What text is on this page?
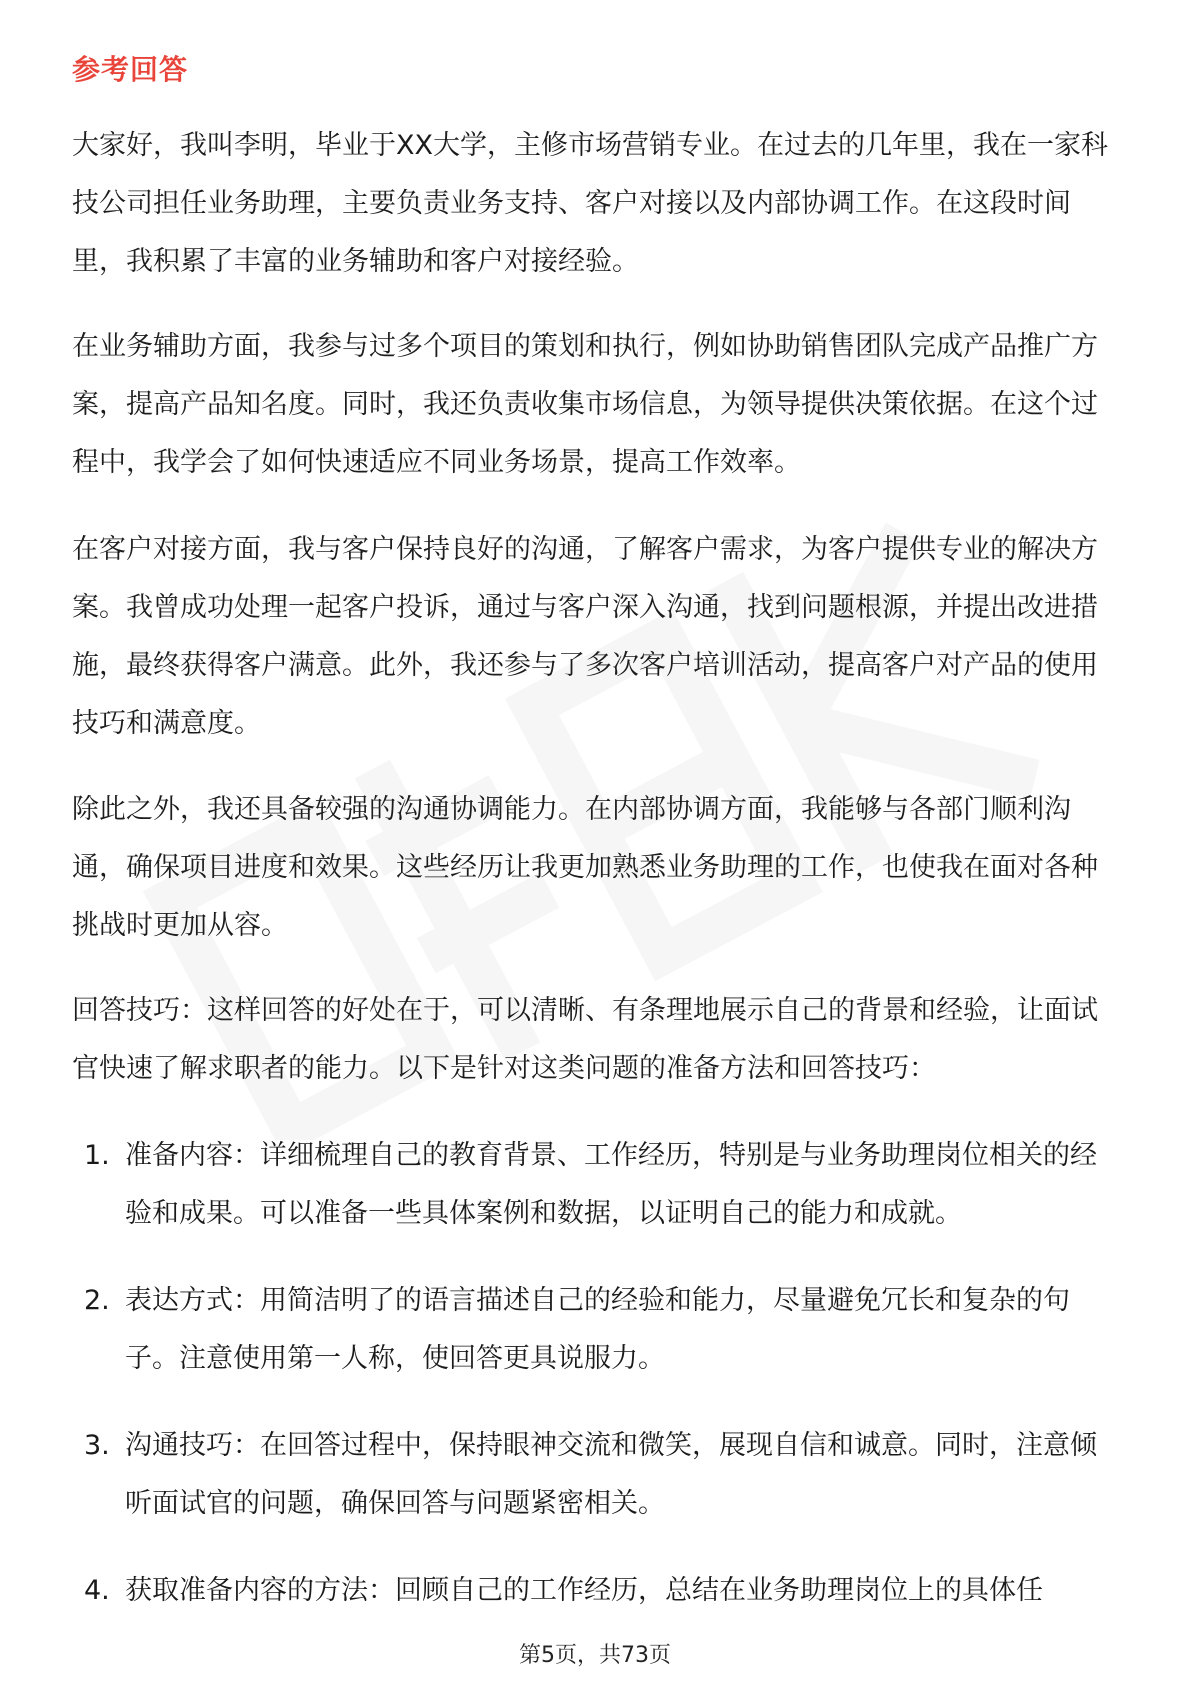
参考回答
大家好，我叫李明，毕业于XX大学，主修市场营销专业。在过去的几年里，我在一家科技公司担任业务助理，主要负责业务支持、客户对接以及内部协调工作。在这段时间里，我积累了丰富的业务辅助和客户对接经验。
在业务辅助方面，我参与过多个项目的策划和执行，例如协助销售团队完成产品推广方案，提高产品知名度。同时，我还负责收集市场信息，为领导提供决策依据。在这个过程中，我学会了如何快速适应不同业务场景，提高工作效率。
在客户对接方面，我与客户保持良好的沟通，了解客户需求，为客户提供专业的解决方案。我曾成功处理一起客户投诉，通过与客户深入沟通，找到问题根源，并提出改进措施，最终获得客户满意。此外，我还参与了多次客户培训活动，提高客户对产品的使用技巧和满意度。
除此之外，我还具备较强的沟通协调能力。在内部协调方面，我能够与各部门顺利沟通，确保项目进度和效果。这些经历让我更加熟悉业务助理的工作，也使我在面对各种挑战时更加从容。
回答技巧：这样回答的好处在于，可以清晰、有条理地展示自己的背景和经验，让面试官快速了解求职者的能力。以下是针对这类问题的准备方法和回答技巧：
1. 准备内容：详细梳理自己的教育背景、工作经历，特别是与业务助理岗位相关的经验和成果。可以准备一些具体案例和数据，以证明自己的能力和成就。
2. 表达方式：用简洁明了的语言描述自己的经验和能力，尽量避免冗长和复杂的句子。注意使用第一人称，使回答更具说服力。
3. 沟通技巧：在回答过程中，保持眼神交流和微笑，展现自信和诚意。同时，注意倾听面试官的问题，确保回答与问题紧密相关。
4. 获取准备内容的方法：回顾自己的工作经历，总结在业务助理岗位上的具体任
第5页，共73页
